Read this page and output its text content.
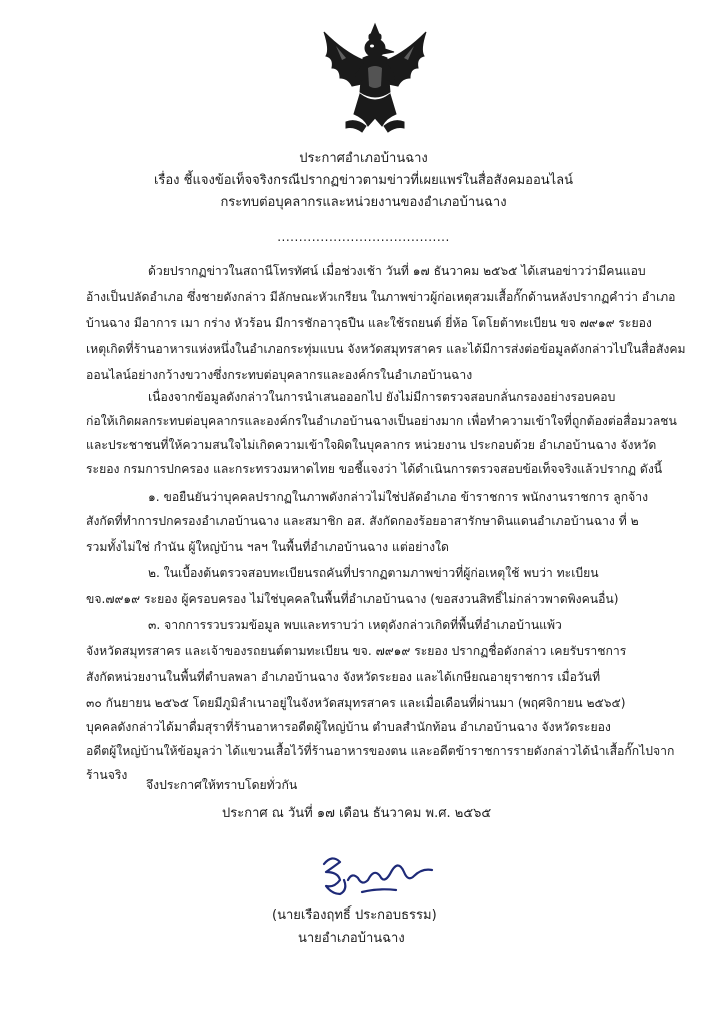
ประกาศอำเภอบ้านฉาง
เรื่อง ชี้แจงข้อเท็จจริงกรณีปรากฏข่าวตามข่าวที่เผยแพร่ในสื่อสังคมออนไลน์
กระทบต่อบุคลากรและหน่วยงานของอำเภอบ้านฉาง
........................................
ด้วยปรากฏข่าวในสถานีโทรทัศน์ เมื่อช่วงเช้า วันที่ ๑๗ ธันวาคม ๒๕๖๕ ได้เสนอข่าวว่ามีคนแอบ
อ้างเป็นปลัดอำเภอ ซึ่งชายดังกล่าว มีลักษณะหัวเกรียน ในภาพข่าวผู้ก่อเหตุสวมเสื้อกั๊กด้านหลังปรากฏคำว่า อำเภอ
บ้านฉาง มีอาการ เมา กร่าง หัวร้อน มีการชักอาวุธปืน และใช้รถยนต์ ยี่ห้อ โตโยต้าทะเบียน ขจ ๗๙๑๙ ระยอง
เหตุเกิดที่ร้านอาหารแห่งหนึ่งในอำเภอกระทุ่มแบน จังหวัดสมุทรสาคร และได้มีการส่งต่อข้อมูลดังกล่าวไปในสื่อสังคม
ออนไลน์อย่างกว้างขวางซึ่งกระทบต่อบุคลากรและองค์กรในอำเภอบ้านฉาง
เนื่องจากข้อมูลดังกล่าวในการนำเสนอออกไป ยังไม่มีการตรวจสอบกลั่นกรองอย่างรอบคอบ
ก่อให้เกิดผลกระทบต่อบุคลากรและองค์กรในอำเภอบ้านฉางเป็นอย่างมาก เพื่อทำความเข้าใจที่ถูกต้องต่อสื่อมวลชน
และประชาชนที่ให้ความสนใจไม่เกิดความเข้าใจผิดในบุคลากร หน่วยงาน ประกอบด้วย อำเภอบ้านฉาง จังหวัด
ระยอง กรมการปกครอง และกระทรวงมหาดไทย ขอชี้แจงว่า ได้ดำเนินการตรวจสอบข้อเท็จจริงแล้วปรากฏ ดังนี้
๑. ขอยืนยันว่าบุคคลปรากฏในภาพดังกล่าวไม่ใช่ปลัดอำเภอ ข้าราชการ พนักงานราชการ ลูกจ้าง
สังกัดที่ทำการปกครองอำเภอบ้านฉาง และสมาชิก อส. สังกัดกองร้อยอาสารักษาดินแดนอำเภอบ้านฉาง ที่ ๒
รวมทั้งไม่ใช่ กำนัน ผู้ใหญ่บ้าน ฯลฯ ในพื้นที่อำเภอบ้านฉาง แต่อย่างใด
๒. ในเบื้องต้นตรวจสอบทะเบียนรถคันที่ปรากฏตามภาพข่าวที่ผู้ก่อเหตุใช้ พบว่า ทะเบียน
ขจ.๗๙๑๙ ระยอง ผู้ครอบครอง ไม่ใช่บุคคลในพื้นที่อำเภอบ้านฉาง (ขอสงวนสิทธิ์ไม่กล่าวพาดพิงคนอื่น)
๓. จากการรวบรวมข้อมูล พบและทราบว่า เหตุดังกล่าวเกิดที่พื้นที่อำเภอบ้านแพ้ว
จังหวัดสมุทรสาคร และเจ้าของรถยนต์ตามทะเบียน ขจ. ๗๙๑๙ ระยอง ปรากฏชื่อดังกล่าว เคยรับราชการ
สังกัดหน่วยงานในพื้นที่ตำบลพลา อำเภอบ้านฉาง จังหวัดระยอง และได้เกษียณอายุราชการ เมื่อวันที่
๓๐ กันยายน ๒๕๖๕ โดยมีภูมิลำเนาอยู่ในจังหวัดสมุทรสาคร และเมื่อเดือนที่ผ่านมา (พฤศจิกายน ๒๕๖๕)
บุคคลดังกล่าวได้มาดื่มสุราที่ร้านอาหารอดีตผู้ใหญ่บ้าน ตำบลสำนักท้อน อำเภอบ้านฉาง จังหวัดระยอง
อดีตผู้ใหญ่บ้านให้ข้อมูลว่า ได้แขวนเสื้อไว้ที่ร้านอาหารของตน และอดีตข้าราชการรายดังกล่าวได้นำเสื้อกั๊กไปจาก
ร้านจริง
จึงประกาศให้ทราบโดยทั่วกัน
ประกาศ ณ วันที่ ๑๗ เดือน ธันวาคม พ.ศ. ๒๕๖๕
(นายเรืองฤทธิ์ ประกอบธรรม)
นายอำเภอบ้านฉาง
